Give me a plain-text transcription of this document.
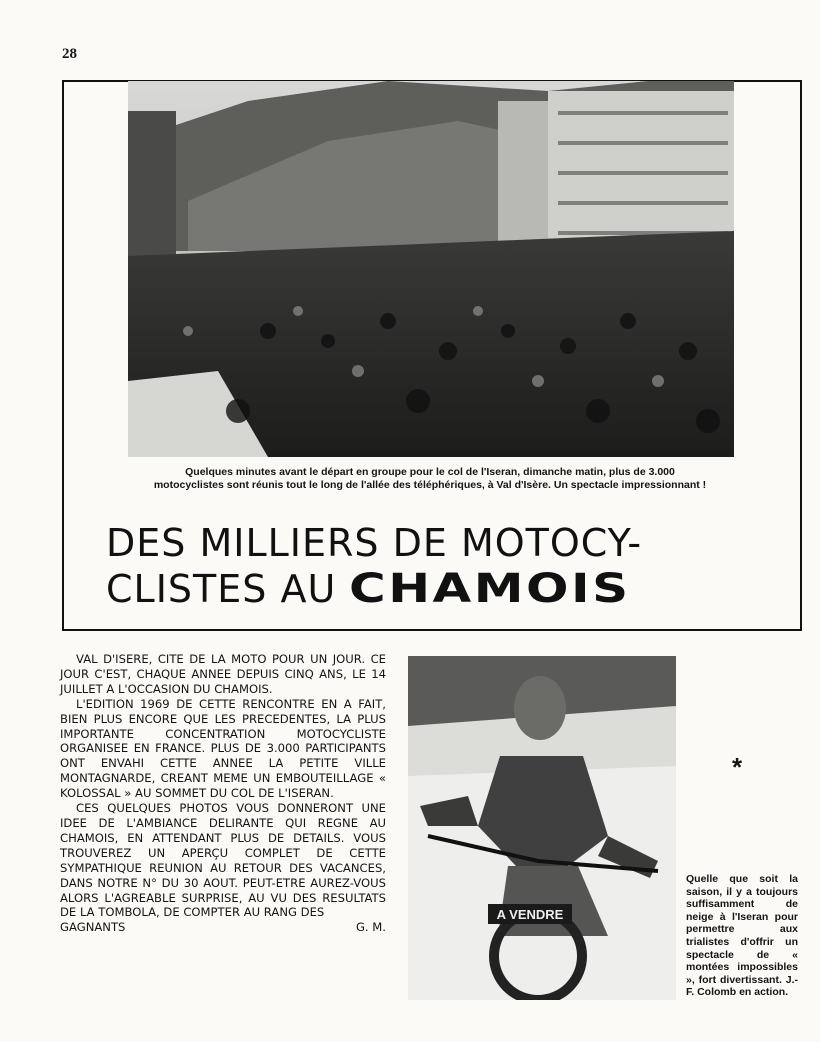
28
Quelques minutes avant le départ en groupe pour le col de l'Iseran, dimanche matin, plus de 3.000 motocyclistes sont réunis tout le long de l'allée des téléphériques, à Val d'Isère. Un spectacle impressionnant !
DES MILLIERS DE MOTOCY-
CLISTES AU CHAMOIS

VAL D'ISERE, CITE DE LA MOTO POUR UN JOUR. CE JOUR C'EST, CHAQUE ANNEE DEPUIS CINQ ANS, LE 14 JUILLET A L'OCCASION DU CHAMOIS.

L'EDITION 1969 DE CETTE RENCONTRE EN A FAIT, BIEN PLUS ENCORE QUE LES PRECEDENTES, LA PLUS IMPORTANTE CONCENTRATION MOTOCYCLISTE ORGANISEE EN FRANCE. PLUS DE 3.000 PARTICIPANTS ONT ENVAHI CETTE ANNEE LA PETITE VILLE MONTAGNARDE, CREANT MEME UN EMBOUTEILLAGE « KOLOSSAL » AU SOMMET DU COL DE L'ISERAN.

CES QUELQUES PHOTOS VOUS DONNERONT UNE IDEE DE L'AMBIANCE DELIRANTE QUI REGNE AU CHAMOIS, EN ATTENDANT PLUS DE DETAILS. VOUS TROUVEREZ UN APERÇU COMPLET DE CETTE SYMPATHIQUE REUNION AU RETOUR DES VACANCES, DANS NOTRE N° DU 30 AOUT. PEUT-ETRE AUREZ-VOUS ALORS L'AGREABLE SURPRISE, AU VU DES RESULTATS DE LA TOMBOLA, DE COMPTER AU RANG DES

GAGNANTS	G. M.
A VENDRE
*
Quelle que soit la saison, il y a toujours suffisamment de neige à l'Iseran pour permettre aux trialistes d'offrir un spectacle de « montées impossibles », fort divertissant. J.-F. Colomb en action.
